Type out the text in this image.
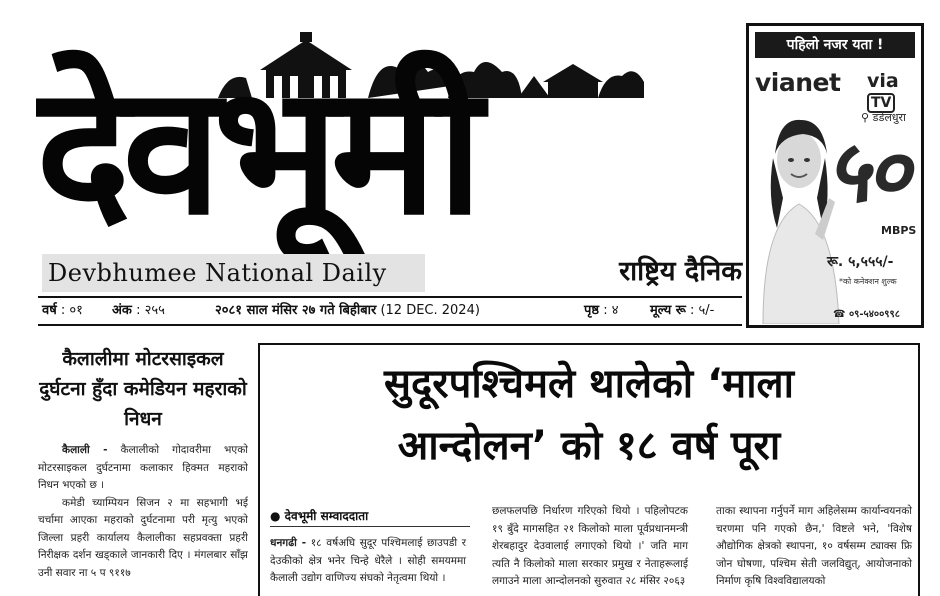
देवभूमी
Devbhumee National Daily	राष्ट्रिय दैनिक
वर्ष : ०१ अंक : २५५	२०८१ साल मंसिर २७ गते बिहीबार (12 DEC. 2024)	पृष्ठ : ४ मूल्य रू : ५/-
पहिलो नजर यता !
vianet viaTV
⚲ डडेलधुरा
५०
MBPS
रू. ५,५५५/-
*को कनेक्शन शुल्क
☎ ०९-५४००९९८
कैलालीमा मोटरसाइकल दुर्घटना हुँदा कमेडियन महराको निधन

कैलाली - कैलालीको गोदावरीमा भएको मोटरसाइकल दुर्घटनामा कलाकार हिक्मत महराको निधन भएको छ ।

कमेडी च्याम्पियन सिजन २ मा सहभागी भई चर्चामा आएका महराको दुर्घटनामा परी मृत्यु भएको जिल्ला प्रहरी कार्यालय कैलालीका सहप्रवक्ता प्रहरी निरीक्षक दर्शन खड्काले जानकारी दिए । मंगलबार साँझ उनी सवार ना ५ प ९११७

सुदूरपश्चिमले थालेको ‘माला
आन्दोलन’ को १८ वर्ष पूरा
● देवभूमी सम्वाददाता
धनगढी - १८ वर्षअघि सुदूर पश्चिमलाई छाउपडी र देउकीको क्षेत्र भनेर चिन्हे धेरैले । सोही समयममा कैलाली उद्योग वाणिज्य संघको नेतृत्वमा थियो ।
छलफलपछि निर्धारण गरिएको थियो । पहिलोपटक १९ बुँदे मागसहित २१ किलोको माला पूर्वप्रधानमन्त्री शेरबहादुर देउवालाई लगाएको थियो ।' जति माग त्यति नै किलोको माला सरकार प्रमुख र नेताहरूलाई लगाउने माला आन्दोलनको सुरुवात २८ मंसिर २०६३
ताका स्थापना गर्नुपर्ने माग अहिलेसम्म कार्यान्वयनको चरणमा पनि गएको छैन,' विष्टले भने, 'विशेष औद्योगिक क्षेत्रको स्थापना, १० वर्षसम्म ट्याक्स फ्रि जोन घोषणा, पश्चिम सेती जलविद्युत्, आयोजनाको निर्माण कृषि विश्वविद्यालयको
